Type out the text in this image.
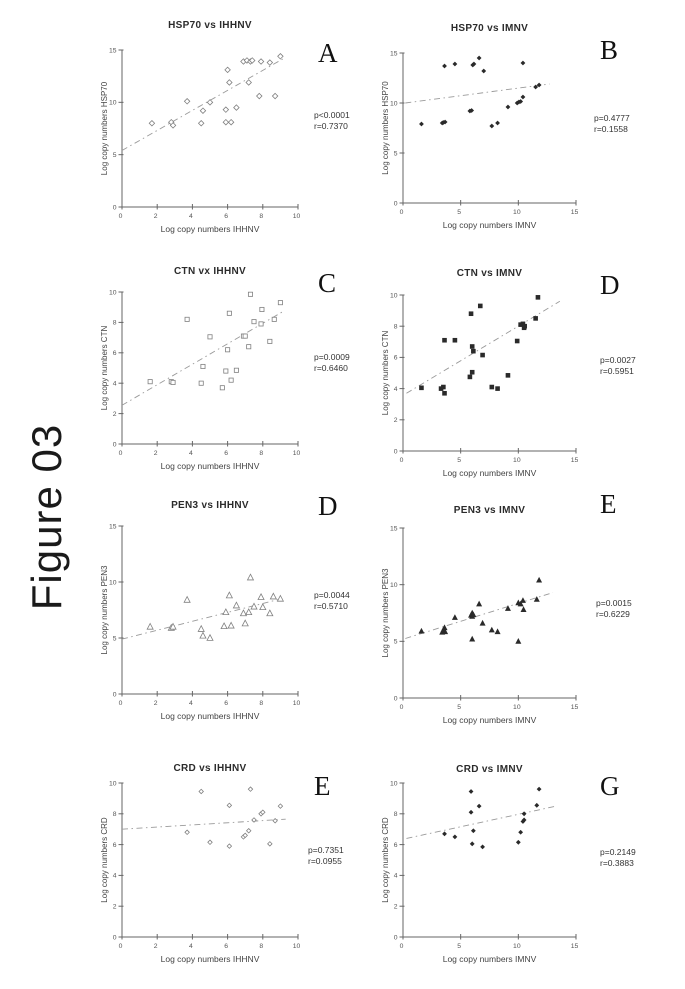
Figure 03
0
5
10
15
0	2	4	6	8	10
Log copy numbers HSP70
Log copy numbers IHHNV
HSP70 vs IHHNV
A
p<0.0001
r=0.7370
0
5
10
15
0	5	10	15
Log copy numbers HSP70
Log copy numbers IMNV
HSP70 vs IMNV
B
p=0.4777
r=0.1558
0
2
4
6
8
10
0	2	4	6	8	10
Log copy numbers CTN
Log copy numbers IHHNV
CTN vx IHHNV	C
p=0.0009
r=0.6460
0
2
4
6
8
10
0	5	10	15
Log copy numbers CTN
Log copy numbers IMNV
CTN vs IMNV	D
p=0.0027
r=0.5951
0
5
10
15
0	2	4	6	8	10
Log copy numbers PEN3
Log copy numbers IHHNV
PEN3 vs IHHNV	D
p=0.0044
r=0.5710
0
5
10
15
0	5	10	15
Log copy numbers PEN3
Log copy numbers IMNV
PEN3 vs IMNV	E
p=0.0015
r=0.6229
0
2
4
6
8
10
0	2	4	6	8	10
Log copy numbers CRD
Log copy numbers IHHNV
CRD vs IHHNV
E
p=0.7351
r=0.0955
0
2
4
6
8
10
0	5	10	15
Log copy numbers CRD
Log copy numbers IMNV
CRD vs IMNV
G
p=0.2149
r=0.3883
